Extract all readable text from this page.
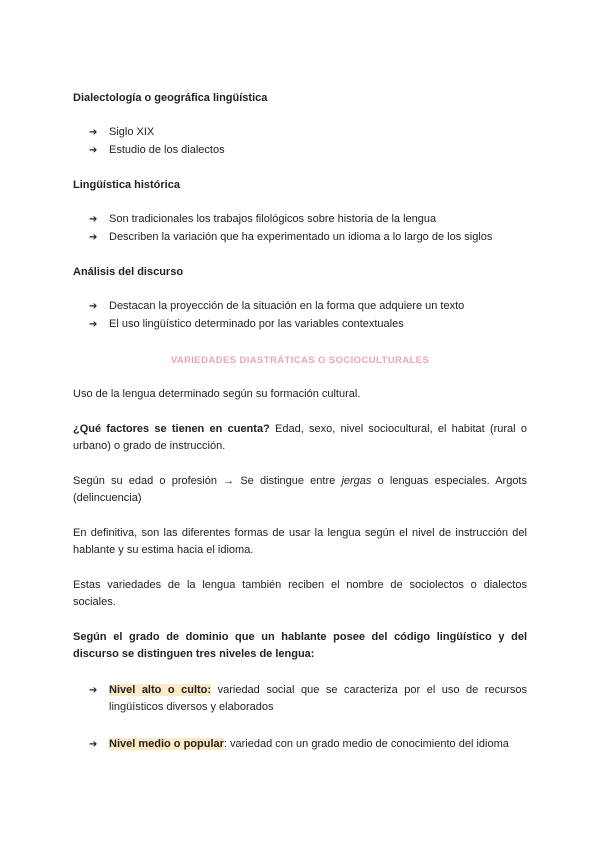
Dialectología o geográfica lingüística
➔ Siglo XIX
➔ Estudio de los dialectos
Lingüística histórica
➔ Son tradicionales los trabajos filológicos sobre historia de la lengua
➔ Describen la variación que ha experimentado un idioma a lo largo de los siglos
Análisis del discurso
➔ Destacan la proyección de la situación en la forma que adquiere un texto
➔ El uso lingüístico determinado por las variables contextuales
VARIEDADES DIASTRÁTICAS O SOCIOCULTURALES
Uso de la lengua determinado según su formación cultural.
¿Qué factores se tienen en cuenta? Edad, sexo, nivel sociocultural, el habitat (rural o urbano) o grado de instrucción.
Según su edad o profesión → Se distingue entre jergas o lenguas especiales. Argots (delincuencia)
En definitiva, son las diferentes formas de usar la lengua según el nivel de instrucción del hablante y su estima hacia el idioma.
Estas variedades de la lengua también reciben el nombre de sociolectos o dialectos sociales.
Según el grado de dominio que un hablante posee del código lingüístico y del discurso se distinguen tres niveles de lengua:
➔ Nivel alto o culto: variedad social que se caracteriza por el uso de recursos lingüísticos diversos y elaborados
➔ Nivel medio o popular: variedad con un grado medio de conocimiento del idioma
